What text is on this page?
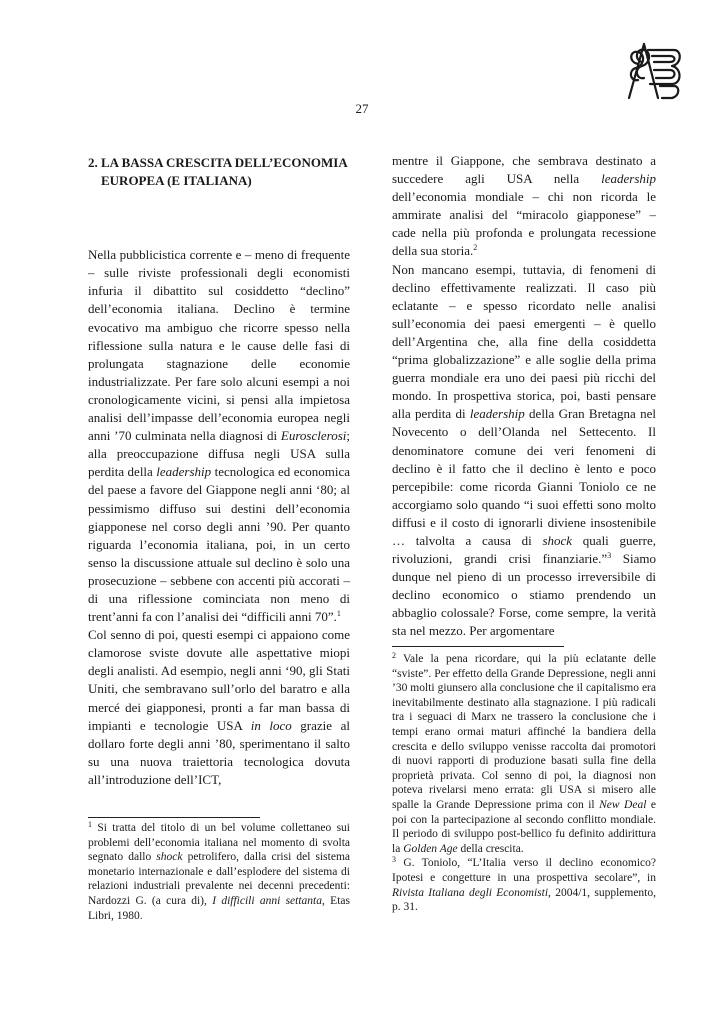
27
2. LA BASSA CRESCITA DELL’ECONOMIA
EUROPEA (E ITALIANA)

Nella pubblicistica corrente e – meno di frequente – sulle riviste professionali degli economisti infuria il dibattito sul cosiddetto “declino” dell’economia italiana. Declino è termine evocativo ma ambiguo che ricorre spesso nella riflessione sulla natura e le cause delle fasi di prolungata stagnazione delle economie industrializzate. Per fare solo alcuni esempi a noi cronologicamente vicini, si pensi alla impietosa analisi dell’impasse dell’economia europea negli anni ’70 culminata nella diagnosi di Eurosclerosi; alla preoccupazione diffusa negli USA sulla perdita della leadership tecnologica ed economica del paese a favore del Giappone negli anni ‘80; al pessimismo diffuso sui destini dell’economia giapponese nel corso degli anni ’90. Per quanto riguarda l’economia italiana, poi, in un certo senso la discussione attuale sul declino è solo una prosecuzione – sebbene con accenti più accorati – di una riflessione cominciata non meno di trent’anni fa con l’analisi dei “difficili anni 70”.$^1$

Col senno di poi, questi esempi ci appaiono come clamorose sviste dovute alle aspettative miopi degli analisti. Ad esempio, negli anni ‘90, gli Stati Uniti, che sembravano sull’orlo del baratro e alla mercé dei giapponesi, pronti a far man bassa di impianti e tecnologie USA in loco grazie al dollaro forte degli anni ’80, sperimentano il salto su una nuova traiettoria tecnologica dovuta all’introduzione dell’ICT,

mentre il Giappone, che sembrava destinato a succedere agli USA nella leadership dell’economia mondiale – chi non ricorda le ammirate analisi del “miracolo giapponese” – cade nella più profonda e prolungata recessione della sua storia.$^2$

Non mancano esempi, tuttavia, di fenomeni di declino effettivamente realizzati. Il caso più eclatante – e spesso ricordato nelle analisi sull’economia dei paesi emergenti – è quello dell’Argentina che, alla fine della cosiddetta “prima globalizzazione” e alle soglie della prima guerra mondiale era uno dei paesi più ricchi del mondo. In prospettiva storica, poi, basti pensare alla perdita di leadership della Gran Bretagna nel Novecento o dell’Olanda nel Settecento. Il denominatore comune dei veri fenomeni di declino è il fatto che il declino è lento e poco percepibile: come ricorda Gianni Toniolo ce ne accorgiamo solo quando “i suoi effetti sono molto diffusi e il costo di ignorarli diviene insostenibile … talvolta a causa di shock quali guerre, rivoluzioni, grandi crisi finanziarie.”$^3$ Siamo dunque nel pieno di un processo irreversibile di declino economico o stiamo prendendo un abbaglio colossale? Forse, come sempre, la verità sta nel mezzo. Per argomentare

$^1$ Si tratta del titolo di un bel volume collettaneo sui problemi dell’economia italiana nel momento di svolta segnato dallo shock petrolifero, dalla crisi del sistema monetario internazionale e dall’esplodere del sistema di relazioni industriali prevalente nei decenni precedenti: Nardozzi G. (a cura di), I difficili anni settanta, Etas Libri, 1980.

$^2$ Vale la pena ricordare, qui la più eclatante delle “sviste”. Per effetto della Grande Depressione, negli anni ’30 molti giunsero alla conclusione che il capitalismo era inevitabilmente destinato alla stagnazione. I più radicali tra i seguaci di Marx ne trassero la conclusione che i tempi erano ormai maturi affinché la bandiera della crescita e dello sviluppo venisse raccolta dai promotori di nuovi rapporti di produzione basati sulla fine della proprietà privata. Col senno di poi, la diagnosi non poteva rivelarsi meno errata: gli USA si misero alle spalle la Grande Depressione prima con il New Deal e poi con la partecipazione al secondo conflitto mondiale. Il periodo di sviluppo post-bellico fu definito addirittura la Golden Age della crescita.

$^3$ G. Toniolo, “L’Italia verso il declino economico? Ipotesi e congetture in una prospettiva secolare”, in Rivista Italiana degli Economisti, 2004/1, supplemento, p. 31.
